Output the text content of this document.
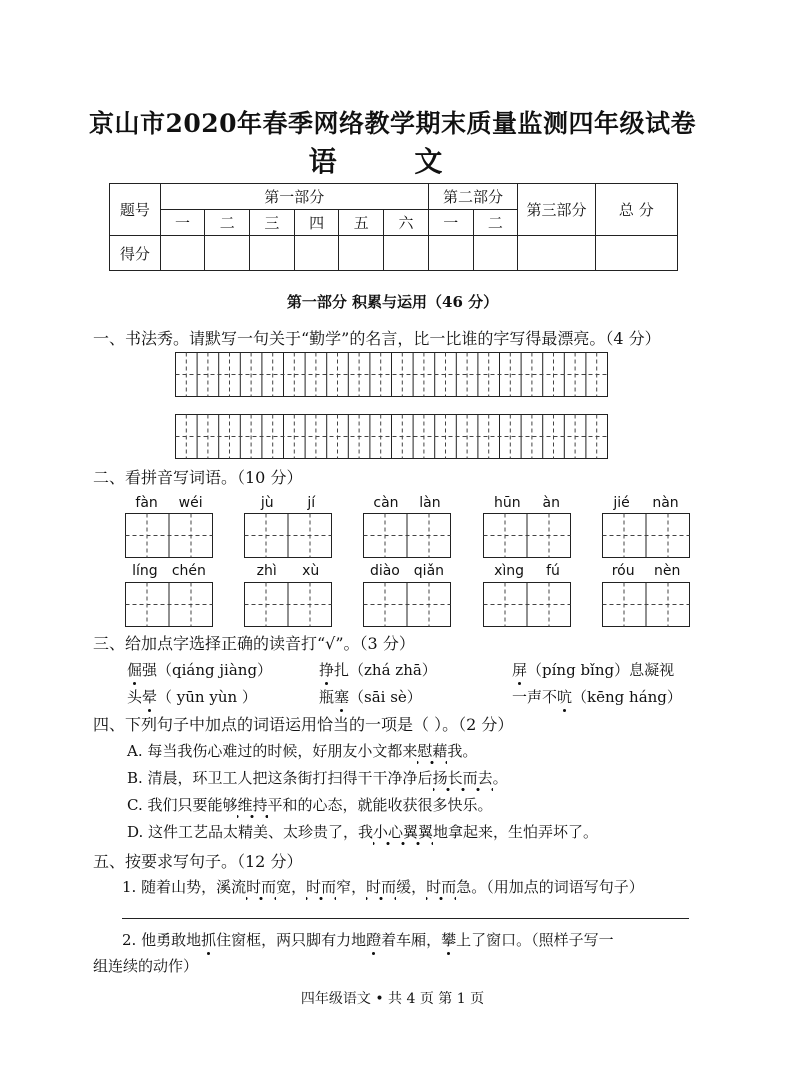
京山市2020年春季网络教学期末质量监测四年级试卷
语 文
题号	第一部分						第二部分		第三部分	总 分
	一	二	三	四	五	六	一	二		
得分										
第一部分 积累与运用（46 分）
一、书法秀。请默写一句关于“勤学”的名言，比一比谁的字写得最漂亮。（4 分）
二、看拼音写词语。（10 分）
fàn wéi	jù jí	càn làn	hūn àn	jié nàn
líng chén	zhì xù	diào qiǎn	xìng fú	róu nèn
三、给加点字选择正确的读音打“√”。（3 分）
倔强（qiáng jiàng）	挣扎（zhá zhā）	屏（píng bǐng）息凝视
头晕（ yūn yùn ）	瓶塞（sāi sè）	一声不吭（kēng háng）
四、下列句子中加点的词语运用恰当的一项是（ ）。（2 分）
A. 每当我伤心难过的时候，好朋友小文都来慰藉我。
B. 清晨，环卫工人把这条街打扫得干干净净后扬长而去。
C. 我们只要能够维持平和的心态，就能收获很多快乐。
D. 这件工艺品太精美、太珍贵了，我小心翼翼地拿起来，生怕弄坏了。
五、按要求写句子。（12 分）
1. 随着山势，溪流时而宽，时而窄，时而缓，时而急。（用加点的词语写句子）
2. 他勇敢地抓住窗框，两只脚有力地蹬着车厢，攀上了窗口。（照样子写一
组连续的动作）
四年级语文 • 共 4 页 第 1 页
